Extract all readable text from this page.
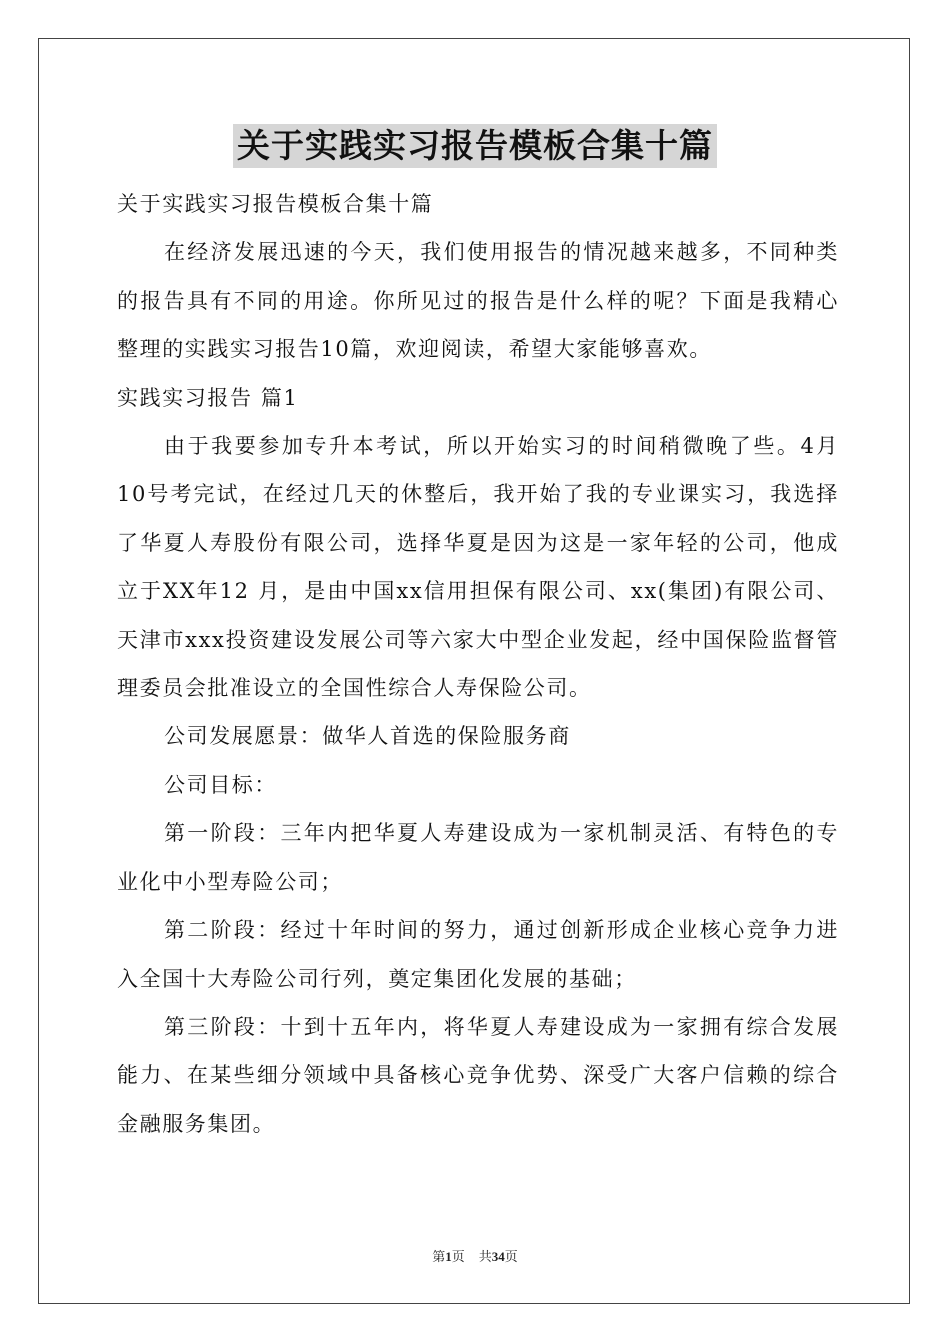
关于实践实习报告模板合集十篇

关于实践实习报告模板合集十篇

在经济发展迅速的今天，我们使用报告的情况越来越多，不同种类的报告具有不同的用途。你所见过的报告是什么样的呢？下面是我精心整理的实践实习报告10篇，欢迎阅读，希望大家能够喜欢。

实践实习报告 篇1

由于我要参加专升本考试，所以开始实习的时间稍微晚了些。4月10号考完试，在经过几天的休整后，我开始了我的专业课实习，我选择了华夏人寿股份有限公司，选择华夏是因为这是一家年轻的公司，他成立于XX年12 月，是由中国xx信用担保有限公司、xx(集团)有限公司、天津市xxx投资建设发展公司等六家大中型企业发起，经中国保险监督管理委员会批准设立的全国性综合人寿保险公司。

公司发展愿景：做华人首选的保险服务商

公司目标：

第一阶段：三年内把华夏人寿建设成为一家机制灵活、有特色的专业化中小型寿险公司；

第二阶段：经过十年时间的努力，通过创新形成企业核心竞争力进入全国十大寿险公司行列，奠定集团化发展的基础；

第三阶段：十到十五年内，将华夏人寿建设成为一家拥有综合发展能力、在某些细分领域中具备核心竞争优势、深受广大客户信赖的综合金融服务集团。

第1页 共34页
